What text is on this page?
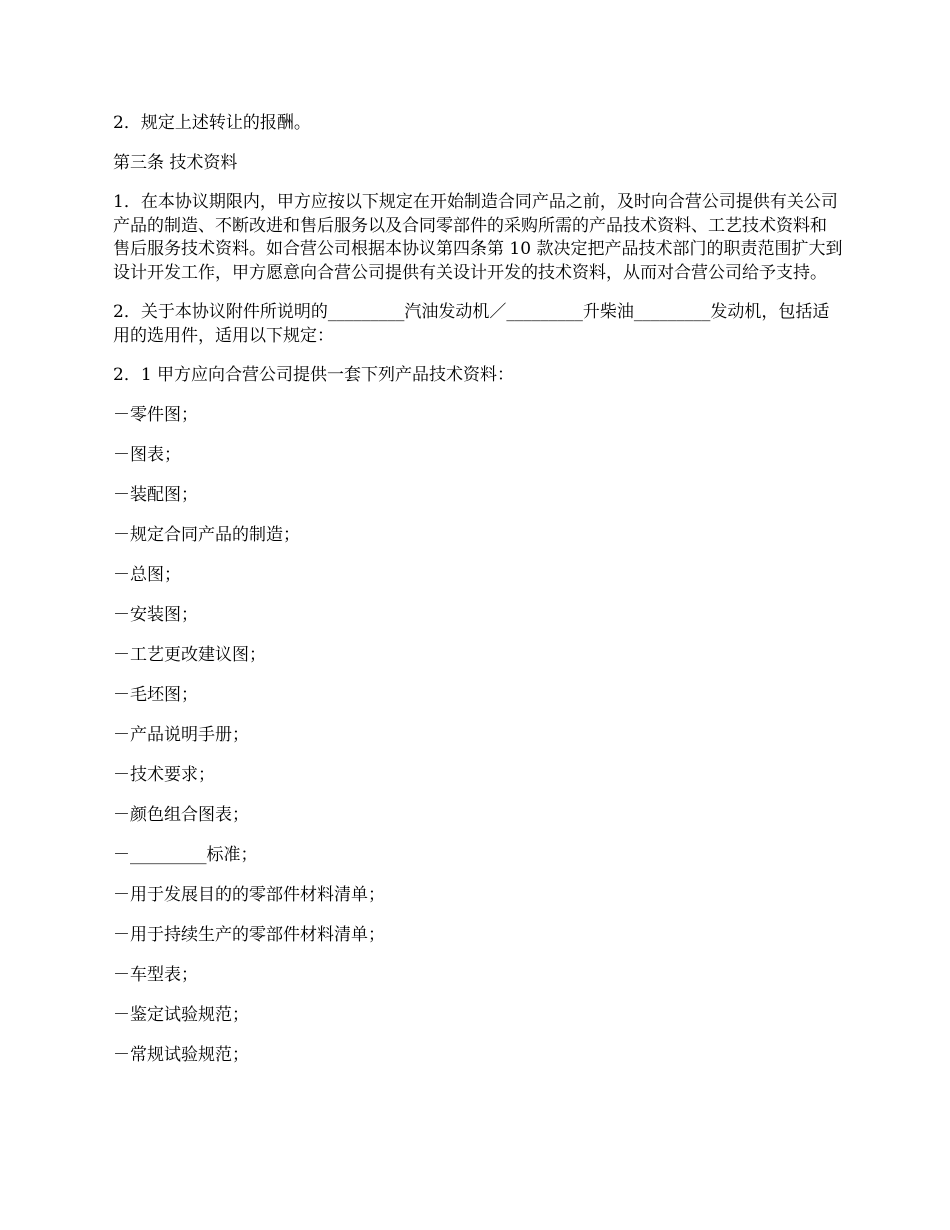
2．规定上述转让的报酬。

第三条 技术资料

1．在本协议期限内，甲方应按以下规定在开始制造合同产品之前，及时向合营公司提供有关公司产品的制造、不断改进和售后服务以及合同零部件的采购所需的产品技术资料、工艺技术资料和售后服务技术资料。如合营公司根据本协议第四条第 10 款决定把产品技术部门的职责范围扩大到设计开发工作，甲方愿意向合营公司提供有关设计开发的技术资料，从而对合营公司给予支持。

2．关于本协议附件所说明的_________汽油发动机／_________升柴油_________发动机，包括适用的选用件，适用以下规定：

2．1 甲方应向合营公司提供一套下列产品技术资料：

－零件图；

－图表；

－装配图；

－规定合同产品的制造；

－总图；

－安装图；

－工艺更改建议图；

－毛坯图；

－产品说明手册；

－技术要求；

－颜色组合图表；

－_________标准；

－用于发展目的的零部件材料清单；

－用于持续生产的零部件材料清单；

－车型表；

－鉴定试验规范；

－常规试验规范；
